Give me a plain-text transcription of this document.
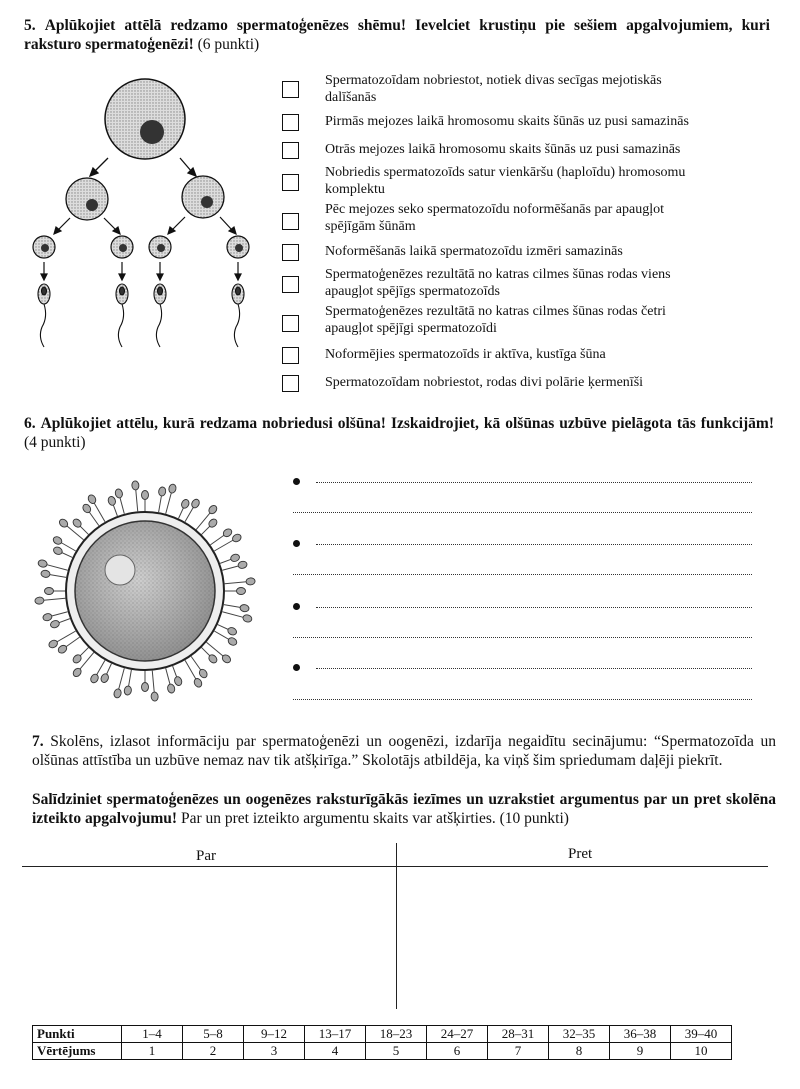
5. Aplūkojiet attēlā redzamo spermatoģenēzes shēmu! Ievelciet krustiņu pie sešiem apgalvojumiem, kuri raksturo spermatoģenēzi! (6 punkti)
Spermatozoīdam nobriestot, notiek divas secīgas mejotiskās
dalīšanās
Pirmās mejozes laikā hromosomu skaits šūnās uz pusi samazinās
Otrās mejozes laikā hromosomu skaits šūnās uz pusi samazinās
Nobriedis spermatozoīds satur vienkāršu (haploīdu) hromosomu
komplektu
Pēc mejozes seko spermatozoīdu noformēšanās par apaugļot
spējīgām šūnām
Noformēšanās laikā spermatozoīdu izmēri samazinās
Spermatoģenēzes rezultātā no katras cilmes šūnas rodas viens
apaugļot spējīgs spermatozoīds
Spermatoģenēzes rezultātā no katras cilmes šūnas rodas četri
apaugļot spējīgi spermatozoīdi
Noformējies spermatozoīds ir aktīva, kustīga šūna
Spermatozoīdam nobriestot, rodas divi polārie ķermenīši
6. Aplūkojiet attēlu, kurā redzama nobriedusi olšūna! Izskaidrojiet, kā olšūnas uzbūve pielāgota tās funkcijām! (4 punkti)
7. Skolēns, izlasot informāciju par spermatoģenēzi un oogenēzi, izdarīja negaidītu secinājumu: “Spermatozoīda un olšūnas attīstība un uzbūve nemaz nav tik atšķirīga.” Skolotājs atbildēja, ka viņš šim spriedumam daļēji piekrīt.
Salīdziniet spermatoģenēzes un oogenēzes raksturīgākās iezīmes un uzrakstiet argumentus par un pret skolēna izteikto apgalvojumu! Par un pret izteikto argumentu skaits var atšķirties. (10 punkti)
Par	Pret
Punkti	1–4	5–8	9–12	13–17	18–23	24–27	28–31	32–35	36–38	39–40
Vērtējums	1	2	3	4	5	6	7	8	9	10
